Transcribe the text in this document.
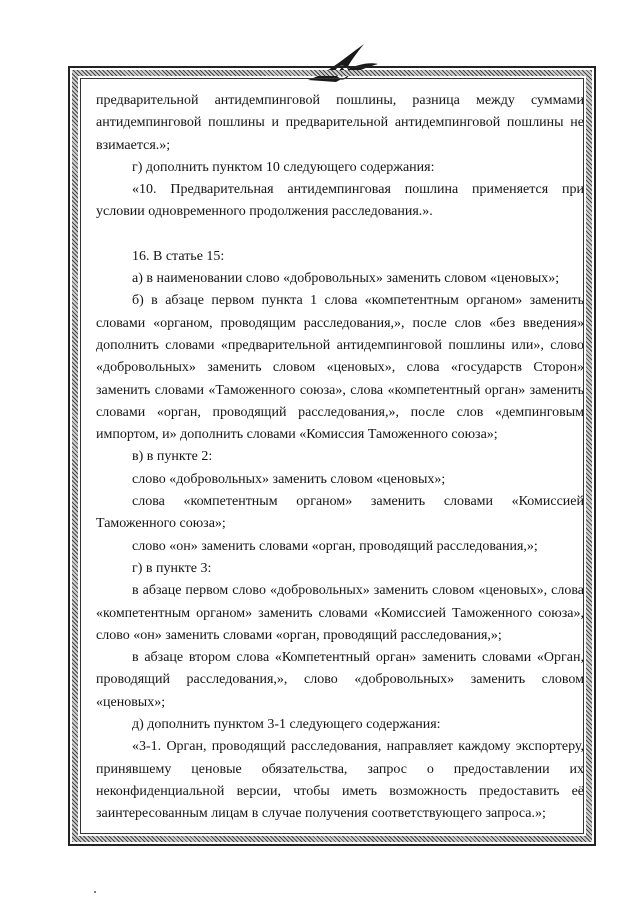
предварительной антидемпинговой пошлины, разница между суммами антидемпинговой пошлины и предварительной антидемпинговой пошлины не взимается.»;

г) дополнить пунктом 10 следующего содержания:

«10. Предварительная антидемпинговая пошлина применяется при условии одновременного продолжения расследования.».

16. В статье 15:

а) в наименовании слово «добровольных» заменить словом «ценовых»;

б) в абзаце первом пункта 1 слова «компетентным органом» заменить словами «органом, проводящим расследования,», после слов «без введения» дополнить словами «предварительной антидемпинговой пошлины или», слово «добровольных» заменить словом «ценовых», слова «государств Сторон» заменить словами «Таможенного союза», слова «компетентный орган» заменить словами «орган, проводящий расследования,», после слов «демпинговым импортом, и» дополнить словами «Комиссия Таможенного союза»;

в) в пункте 2:

слово «добровольных» заменить словом «ценовых»;

слова «компетентным органом» заменить словами «Комиссией Таможенного союза»;

слово «он» заменить словами «орган, проводящий расследования,»;

г) в пункте 3:

в абзаце первом слово «добровольных» заменить словом «ценовых», слова «компетентным органом» заменить словами «Комиссией Таможенного союза», слово «он» заменить словами «орган, проводящий расследования,»;

в абзаце втором слова «Компетентный орган» заменить словами «Орган, проводящий расследования,», слово «добровольных» заменить словом «ценовых»;

д) дополнить пунктом 3-1 следующего содержания:

«3-1. Орган, проводящий расследования, направляет каждому экспортеру, принявшему ценовые обязательства, запрос о предоставлении их неконфиденциальной версии, чтобы иметь возможность предоставить её заинтересованным лицам в случае получения соответствующего запроса.»;
